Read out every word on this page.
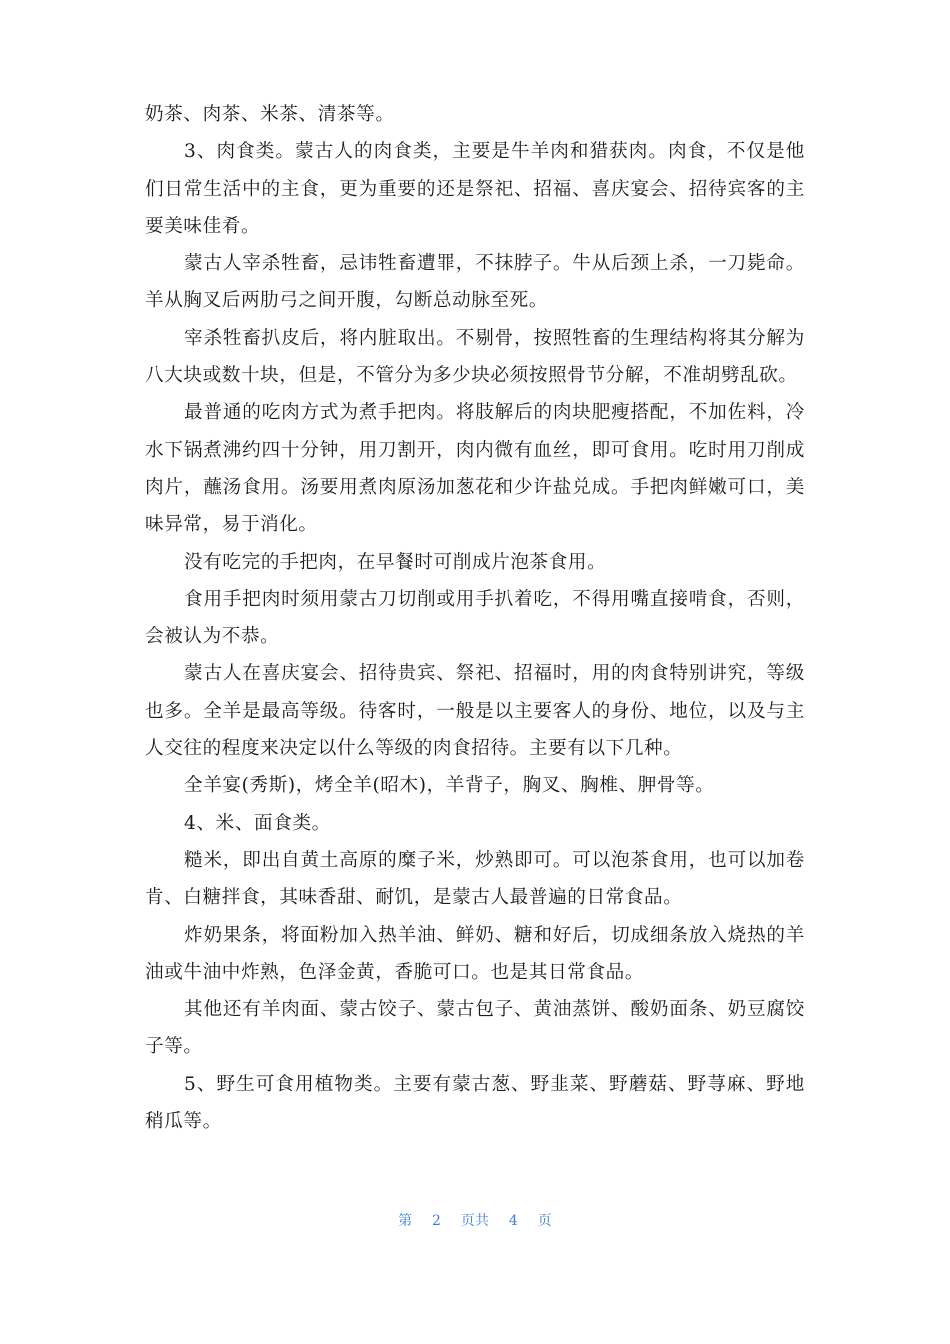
奶茶、肉茶、米茶、清茶等。

3、肉食类。蒙古人的肉食类，主要是牛羊肉和猎获肉。肉食，不仅是他们日常生活中的主食，更为重要的还是祭祀、招福、喜庆宴会、招待宾客的主要美味佳肴。

蒙古人宰杀牲畜，忌讳牲畜遭罪，不抹脖子。牛从后颈上杀，一刀毙命。羊从胸叉后两肋弓之间开腹，勾断总动脉至死。

宰杀牲畜扒皮后，将内脏取出。不剔骨，按照牲畜的生理结构将其分解为八大块或数十块，但是，不管分为多少块必须按照骨节分解，不准胡劈乱砍。

最普通的吃肉方式为煮手把肉。将肢解后的肉块肥瘦搭配，不加佐料，冷水下锅煮沸约四十分钟，用刀割开，肉内微有血丝，即可食用。吃时用刀削成肉片，蘸汤食用。汤要用煮肉原汤加葱花和少许盐兑成。手把肉鲜嫩可口，美味异常，易于消化。

没有吃完的手把肉，在早餐时可削成片泡茶食用。

食用手把肉时须用蒙古刀切削或用手扒着吃，不得用嘴直接啃食，否则，会被认为不恭。

蒙古人在喜庆宴会、招待贵宾、祭祀、招福时，用的肉食特别讲究，等级也多。全羊是最高等级。待客时，一般是以主要客人的身份、地位，以及与主人交往的程度来决定以什么等级的肉食招待。主要有以下几种。

全羊宴(秀斯)，烤全羊(昭木)，羊背子，胸叉、胸椎、胛骨等。

4、米、面食类。

糙米，即出自黄土高原的糜子米，炒熟即可。可以泡茶食用，也可以加卷肯、白糖拌食，其味香甜、耐饥，是蒙古人最普遍的日常食品。

炸奶果条，将面粉加入热羊油、鲜奶、糖和好后，切成细条放入烧热的羊油或牛油中炸熟，色泽金黄，香脆可口。也是其日常食品。

其他还有羊肉面、蒙古饺子、蒙古包子、黄油蒸饼、酸奶面条、奶豆腐饺子等。

5、野生可食用植物类。主要有蒙古葱、野韭菜、野蘑菇、野荨麻、野地稍瓜等。

第 2 页共 4 页
